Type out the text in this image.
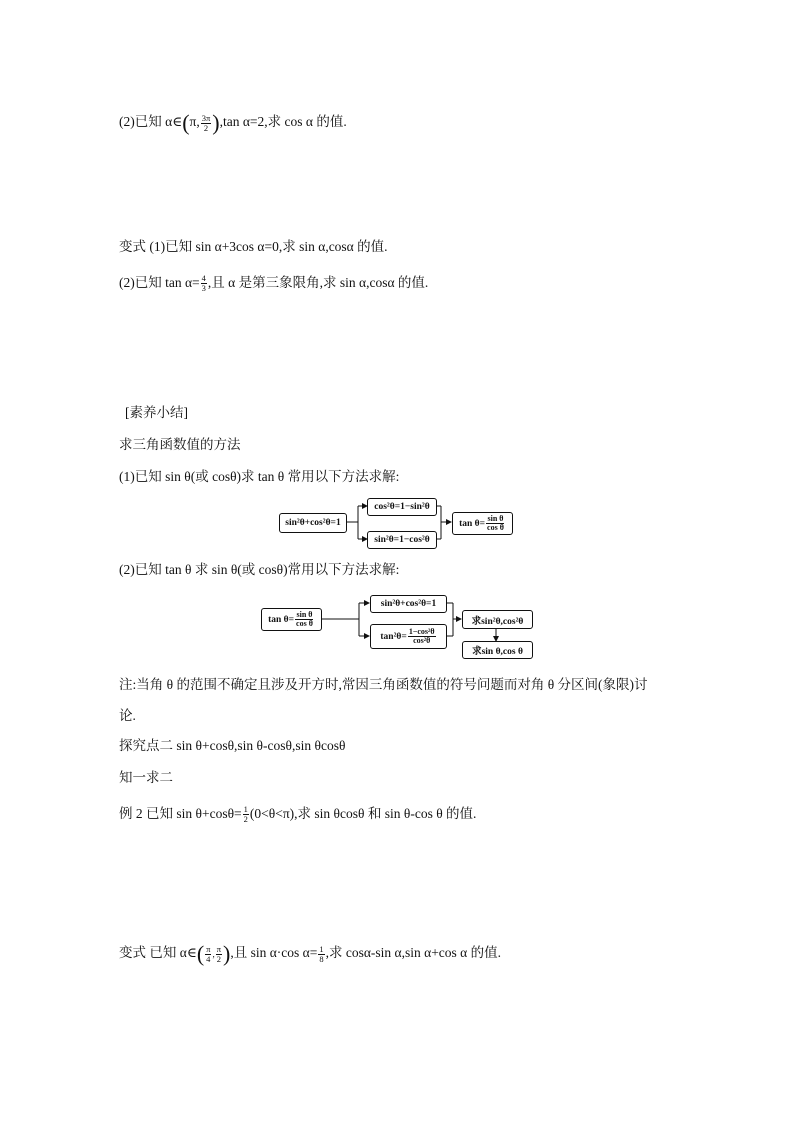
(2)已知 α∈(π, $\frac{3\pi}{2} ),\tan$ α=2,求 cos α 的值.
变式 (1)已知 sin α+3cos α=0,求 sin α,cosα 的值.
(2)已知 $\tan \alpha= \frac{4}{3}$ ,且 α 是第三象限角,求 sin α,cosα 的值.
[素养小结]
求三角函数值的方法
(1)已知 sin θ(或 cosθ)求 tan θ 常用以下方法求解:
sin²θ+cos²θ=1
cos²θ=1−sin²θ
sin²θ=1−cos²θ
$\tan \theta= \frac{\text{sin θ}}{\text{cos θ}}$
(2)已知 tan θ 求 sin θ(或 cosθ)常用以下方法求解:
$\tan \theta= \frac{\text{sin θ}}{\text{cos θ}}$
sin²θ+cos²θ=1
$\tan^2\theta= \frac{\text{1−cos²θ}}{\text{cos²θ}}$
求sin²θ,cos²θ
求sin θ,cos θ
注:当角 θ 的范围不确定且涉及开方时,常因三角函数值的符号问题而对角 θ 分区间(象限)讨
论.
探究点二 sin θ+cosθ,sin θ-cosθ,sin θcosθ
知一求二
例 2 已知 $\sin \theta+\cos\theta= \frac{1}{2} (0<\theta<\pi)$,求 sin θcosθ 和 sin θ-cos θ 的值.
变式 已知 α∈( $\frac{\pi}{4}$ , $\frac{\pi}{2}$ ),且 sin α·cos $\alpha= \frac{1}{8}$ ,求 cosα-sin α,sin α+cos α 的值.
